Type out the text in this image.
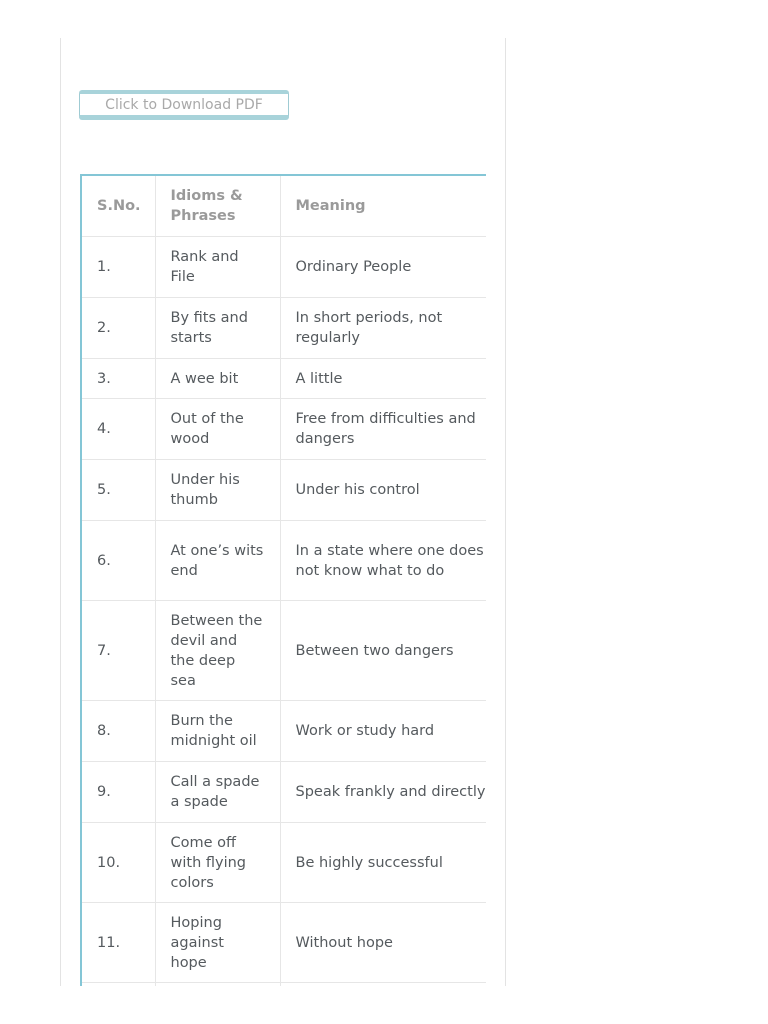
Click to Download PDF
S.No.	Idioms & Phrases	Meaning
1.	Rank and File	Ordinary People
2.	By fits and starts	In short periods, not regularly
3.	A wee bit	A little
4.	Out of the wood	Free from difficulties and dangers
5.	Under his thumb	Under his control
6.	At one’s wits end	In a state where one does not know what to do
7.	Between the devil and the deep sea	Between two dangers
8.	Burn the midnight oil	Work or study hard
9.	Call a spade a spade	Speak frankly and directly
10.	Come off with flying colors	Be highly successful
11.	Hoping against hope	Without hope
